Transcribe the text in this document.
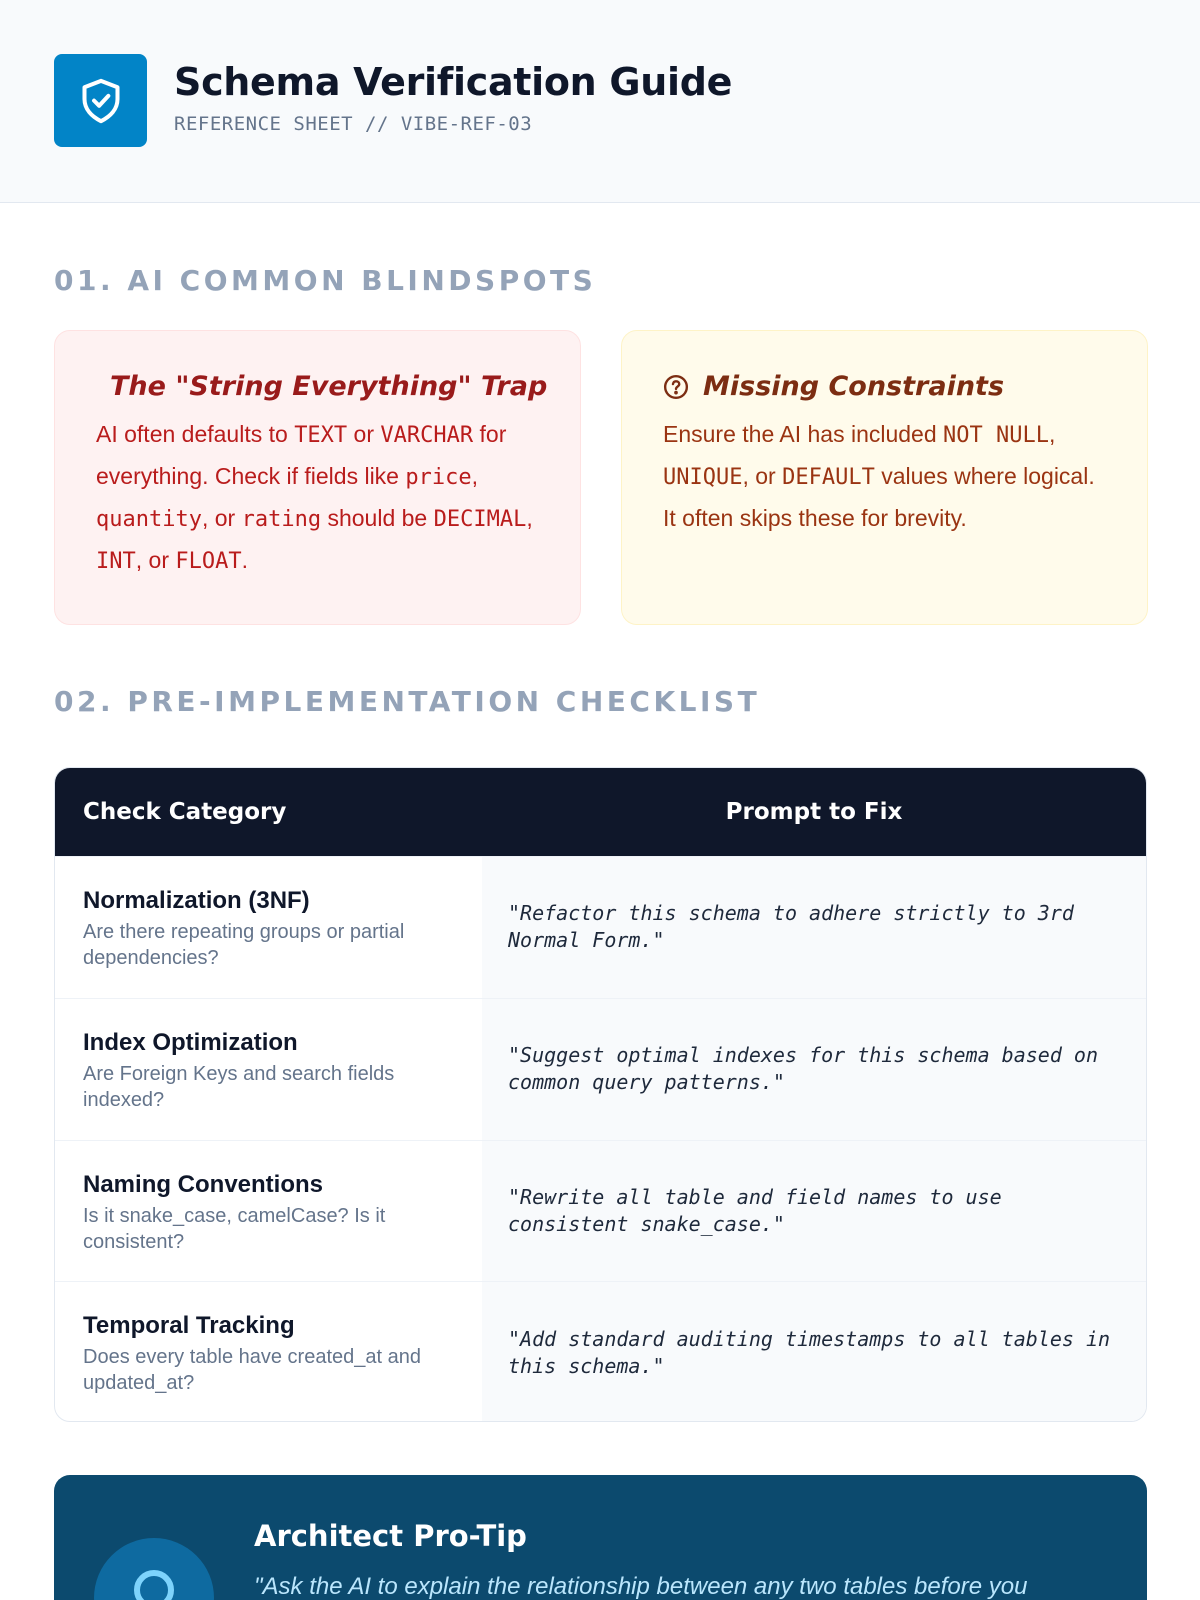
Schema Verification Guide
REFERENCE SHEET // VIBE-REF-03
01. AI COMMON BLINDSPOTS
The "String Everything" Trap
AI often defaults to TEXT or VARCHAR for everything. Check if fields like price, quantity, or rating should be DECIMAL, INT, or FLOAT.
Missing Constraints
Ensure the AI has included NOT NULL, UNIQUE, or DEFAULT values where logical. It often skips these for brevity.
02. PRE-IMPLEMENTATION CHECKLIST
Check Category	Prompt to Fix
Normalization (3NF)
Are there repeating groups or partial dependencies?
"Refactor this schema to adhere strictly to 3rd Normal Form."
Index Optimization
Are Foreign Keys and search fields indexed?
"Suggest optimal indexes for this schema based on common query patterns."
Naming Conventions
Is it snake_case, camelCase? Is it consistent?
"Rewrite all table and field names to use consistent snake_case."
Temporal Tracking
Does every table have created_at and updated_at?
"Add standard auditing timestamps to all tables in this schema."
Architect Pro-Tip
"Ask the AI to explain the relationship between any two tables before you
